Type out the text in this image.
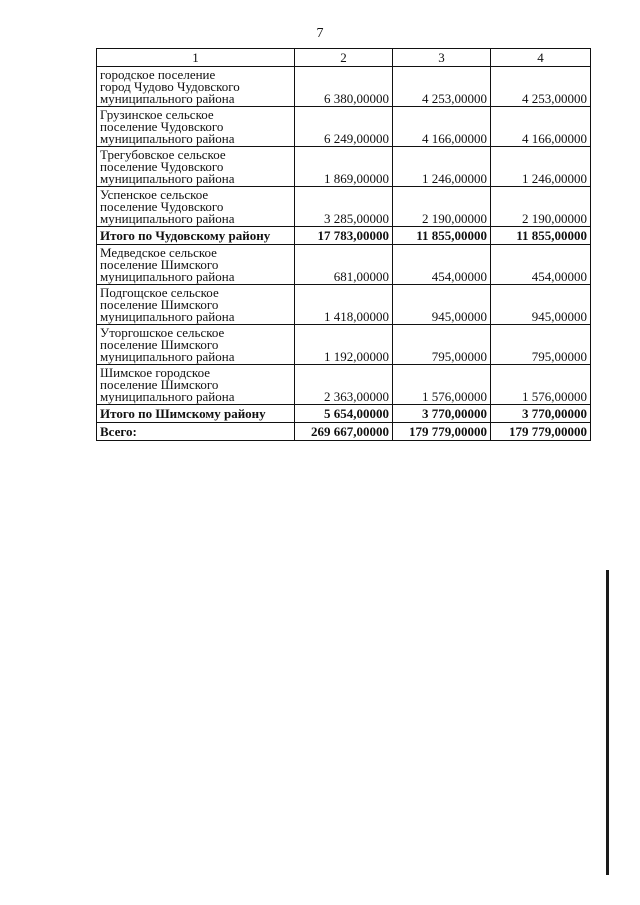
7
1	2	3	4

городское поселение
город Чудово Чудовского
муниципального района	6 380,00000	4 253,00000	4 253,00000

Грузинское сельское
поселение Чудовского
муниципального района	6 249,00000	4 166,00000	4 166,00000

Трегубовское сельское
поселение Чудовского
муниципального района	1 869,00000	1 246,00000	1 246,00000

Успенское сельское
поселение Чудовского
муниципального района	3 285,00000	2 190,00000	2 190,00000

Итого по Чудовскому району	17 783,00000	11 855,00000	11 855,00000

Медведское сельское
поселение Шимского
муниципального района	681,00000	454,00000	454,00000

Подгощское сельское
поселение Шимского
муниципального района	1 418,00000	945,00000	945,00000

Уторгошское сельское
поселение Шимского
муниципального района	1 192,00000	795,00000	795,00000

Шимское городское
поселение Шимского
муниципального района	2 363,00000	1 576,00000	1 576,00000

Итого по Шимскому району	5 654,00000	3 770,00000	3 770,00000

Всего:	269 667,00000	179 779,00000	179 779,00000
